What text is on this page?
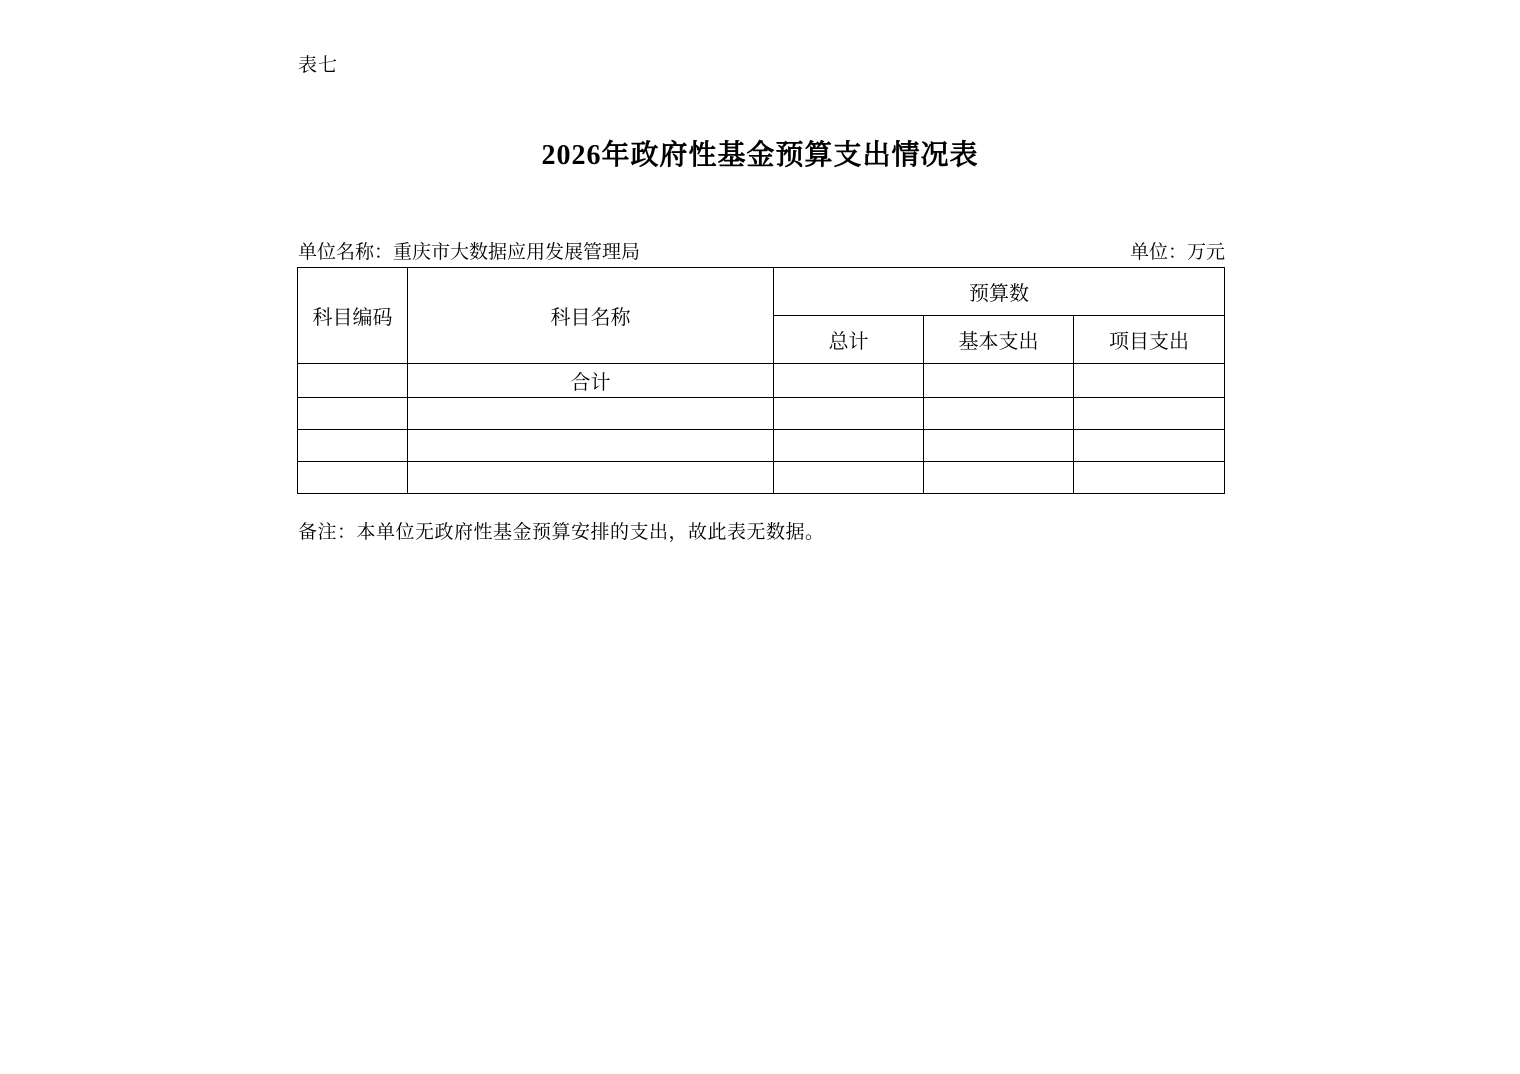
表七
2026年政府性基金预算支出情况表
单位名称：重庆市大数据应用发展管理局	单位：万元
科目编码	科目名称	预算数		
		总计	基本支出	项目支出
	合计			

备注：本单位无政府性基金预算安排的支出，故此表无数据。
